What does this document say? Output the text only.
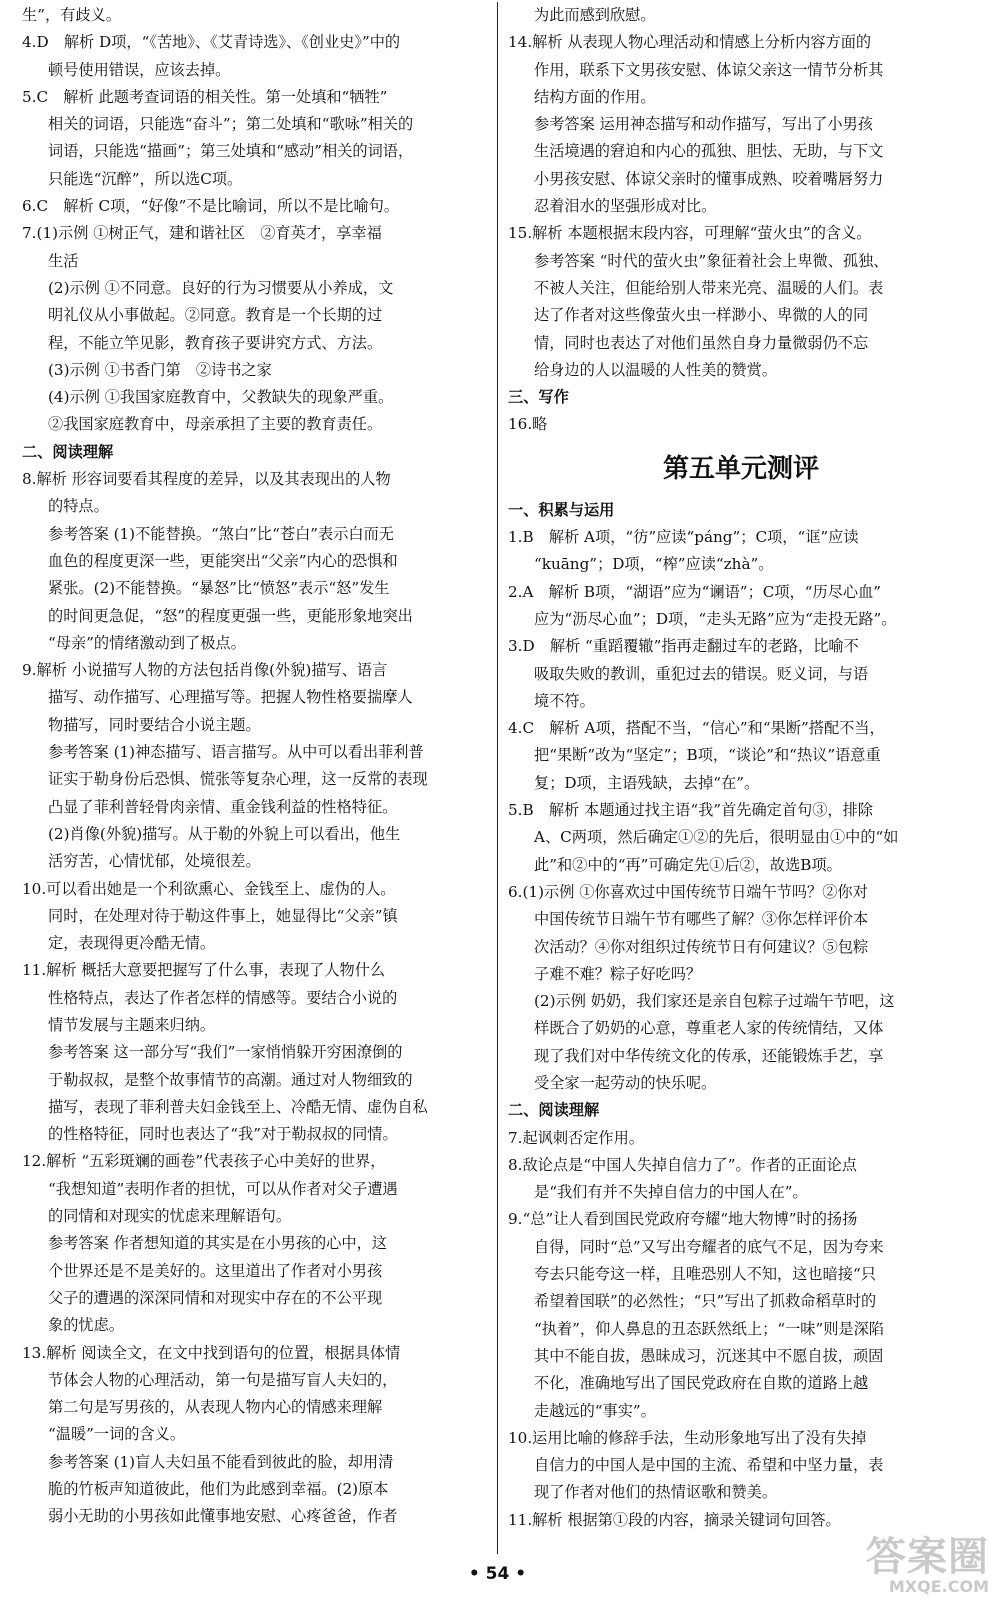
生”，有歧义。

4.D　解析 D项，“《苦地》、《艾青诗选》、《创业史》”中的

顿号使用错误，应该去掉。

5.C　解析 此题考查词语的相关性。第一处填和“牺牲”

相关的词语，只能选“奋斗”；第二处填和“歌咏”相关的

词语，只能选“描画”；第三处填和“感动”相关的词语，

只能选“沉醉”，所以选C项。

6.C　解析 C项，“好像”不是比喻词，所以不是比喻句。

7.(1)示例 ①树正气，建和谐社区　②育英才，享幸福

生活

(2)示例 ①不同意。良好的行为习惯要从小养成，文

明礼仪从小事做起。②同意。教育是一个长期的过

程，不能立竿见影，教育孩子要讲究方式、方法。

(3)示例 ①书香门第　②诗书之家

(4)示例 ①我国家庭教育中，父教缺失的现象严重。

②我国家庭教育中，母亲承担了主要的教育责任。

二、阅读理解

8.解析 形容词要看其程度的差异，以及其表现出的人物

的特点。

参考答案 (1)不能替换。“煞白”比“苍白”表示白而无

血色的程度更深一些，更能突出“父亲”内心的恐惧和

紧张。(2)不能替换。“暴怒”比“愤怒”表示“怒”发生

的时间更急促，“怒”的程度更强一些，更能形象地突出

“母亲”的情绪激动到了极点。

9.解析 小说描写人物的方法包括肖像(外貌)描写、语言

描写、动作描写、心理描写等。把握人物性格要揣摩人

物描写，同时要结合小说主题。

参考答案 (1)神态描写、语言描写。从中可以看出菲利普

证实于勒身份后恐惧、慌张等复杂心理，这一反常的表现

凸显了菲利普轻骨肉亲情、重金钱利益的性格特征。

(2)肖像(外貌)描写。从于勒的外貌上可以看出，他生

活穷苦，心情忧郁，处境很差。

10.可以看出她是一个利欲熏心、金钱至上、虚伪的人。

同时，在处理对待于勒这件事上，她显得比“父亲”镇

定，表现得更冷酷无情。

11.解析 概括大意要把握写了什么事，表现了人物什么

性格特点，表达了作者怎样的情感等。要结合小说的

情节发展与主题来归纳。

参考答案 这一部分写“我们”一家悄悄躲开穷困潦倒的

于勒叔叔，是整个故事情节的高潮。通过对人物细致的

描写，表现了菲利普夫妇金钱至上、冷酷无情、虚伪自私

的性格特征，同时也表达了“我”对于勒叔叔的同情。

12.解析 “五彩斑斓的画卷”代表孩子心中美好的世界，

“我想知道”表明作者的担忧，可以从作者对父子遭遇

的同情和对现实的忧虑来理解语句。

参考答案 作者想知道的其实是在小男孩的心中，这

个世界还是不是美好的。这里道出了作者对小男孩

父子的遭遇的深深同情和对现实中存在的不公平现

象的忧虑。

13.解析 阅读全文，在文中找到语句的位置，根据具体情

节体会人物的心理活动，第一句是描写盲人夫妇的，

第二句是写男孩的，从表现人物内心的情感来理解

“温暖”一词的含义。

参考答案 (1)盲人夫妇虽不能看到彼此的脸，却用清

脆的竹板声知道彼此，他们为此感到幸福。(2)原本

弱小无助的小男孩如此懂事地安慰、心疼爸爸，作者

为此而感到欣慰。

14.解析 从表现人物心理活动和情感上分析内容方面的

作用，联系下文男孩安慰、体谅父亲这一情节分析其

结构方面的作用。

参考答案 运用神态描写和动作描写，写出了小男孩

生活境遇的窘迫和内心的孤独、胆怯、无助，与下文

小男孩安慰、体谅父亲时的懂事成熟、咬着嘴唇努力

忍着泪水的坚强形成对比。

15.解析 本题根据末段内容，可理解“萤火虫”的含义。

参考答案 “时代的萤火虫”象征着社会上卑微、孤独、

不被人关注，但能给别人带来光亮、温暖的人们。表

达了作者对这些像萤火虫一样渺小、卑微的人的同

情，同时也表达了对他们虽然自身力量微弱仍不忘

给身边的人以温暖的人性美的赞赏。

三、写作

16.略

第五单元测评

一、积累与运用

1.B　解析 A项，“彷”应读“páng”；C项，“诓”应读

“kuāng”；D项，“榨”应读“zhà”。

2.A　解析 B项，“湖语”应为“谰语”；C项，“历尽心血”

应为“沥尽心血”；D项，“走头无路”应为“走投无路”。

3.D　解析 “重蹈覆辙”指再走翻过车的老路，比喻不

吸取失败的教训，重犯过去的错误。贬义词，与语

境不符。

4.C　解析 A项，搭配不当，“信心”和“果断”搭配不当，

把“果断”改为“坚定”；B项，“谈论”和“热议”语意重

复；D项，主语残缺，去掉“在”。

5.B　解析 本题通过找主语“我”首先确定首句③，排除

A、C两项，然后确定①②的先后，很明显由①中的“如

此”和②中的“再”可确定先①后②，故选B项。

6.(1)示例 ①你喜欢过中国传统节日端午节吗？②你对

中国传统节日端午节有哪些了解？③你怎样评价本

次活动？④你对组织过传统节日有何建议？⑤包粽

子难不难？粽子好吃吗？

(2)示例 奶奶，我们家还是亲自包粽子过端午节吧，这

样既合了奶奶的心意，尊重老人家的传统情结，又体

现了我们对中华传统文化的传承，还能锻炼手艺，享

受全家一起劳动的快乐呢。

二、阅读理解

7.起讽刺否定作用。

8.敌论点是“中国人失掉自信力了”。作者的正面论点

是“我们有并不失掉自信力的中国人在”。

9.“总”让人看到国民党政府夸耀“地大物博”时的扬扬

自得，同时“总”又写出夸耀者的底气不足，因为夸来

夸去只能夸这一样，且唯恐别人不知，这也暗接“只

希望着国联”的必然性；“只”写出了抓救命稻草时的

“执着”，仰人鼻息的丑态跃然纸上；“一味”则是深陷

其中不能自拔，愚昧成习，沉迷其中不愿自拔，顽固

不化，准确地写出了国民党政府在自欺的道路上越

走越远的“事实”。

10.运用比喻的修辞手法，生动形象地写出了没有失掉

自信力的中国人是中国的主流、希望和中坚力量，表

现了作者对他们的热情讴歌和赞美。

11.解析 根据第①段的内容，摘录关键词句回答。

• 54 •	答案圈
MXQE.COM
